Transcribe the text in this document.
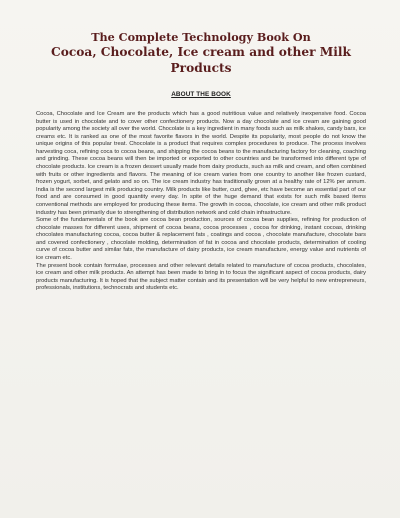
The Complete Technology Book On
Cocoa, Chocolate, Ice cream and other Milk Products
ABOUT THE BOOK

Cocoa, Chocolate and Ice Cream are the products which has a good nutritious value and relatively inexpensive food. Cocoa butter is used in chocolate and to cover other confectionery products. Now a day chocolate and ice cream are gaining good popularity among the society all over the world. Chocolate is a key ingredient in many foods such as milk shakes, candy bars, ice creams etc. It is ranked as one of the most favorite flavors in the world. Despite its popularity, most people do not know the unique origins of this popular treat. Chocolate is a product that requires complex procedures to produce. The process involves harvesting coca, refining coca to cocoa beans, and shipping the cocoa beans to the manufacturing factory for cleaning, coaching and grinding. These cocoa beans will then be imported or exported to other countries and be transformed into different type of chocolate products. Ice cream is a frozen dessert usually made from dairy products, such as milk and cream, and often combined with fruits or other ingredients and flavors. The meaning of ice cream varies from one country to another like frozen custard, frozen yogurt, sorbet, and gelato and so on. The ice cream industry has traditionally grown at a healthy rate of 12% per annum. India is the second largest milk producing country. Milk products like butter, curd, ghee, etc have become an essential part of our food and are consumed in good quantity every day. In spite of the huge demand that exists for such milk based items conventional methods are employed for producing these items. The growth in cocoa, chocolate, ice cream and other milk product industry has been primarily due to strengthening of distribution network and cold chain infrastructure.

Some of the fundamentals of the book are cocoa bean production, sources of cocoa bean supplies, refining for production of chocolate masses for different uses, shipment of cocoa beans, cocoa processes , cocoa for drinking, instant cocoas, drinking chocolates manufacturing cocoa, cocoa butter & replacement fats , coatings and cocoa , chocolate manufacture, chocolate bars and covered confectionery , chocolate molding, determination of fat in cocoa and chocolate products, determination of cooling curve of cocoa butter and similar fats, the manufacture of dairy products, ice cream manufacture, energy value and nutrients of ice cream etc.

The present book contain formulae, processes and other relevant details related to manufacture of cocoa products, chocolates, ice cream and other milk products. An attempt has been made to bring in to focus the significant aspect of cocoa products, dairy products manufacturing. It is hoped that the subject matter contain and its presentation will be very helpful to new entrepreneurs, professionals, institutions, technocrats and students etc.
